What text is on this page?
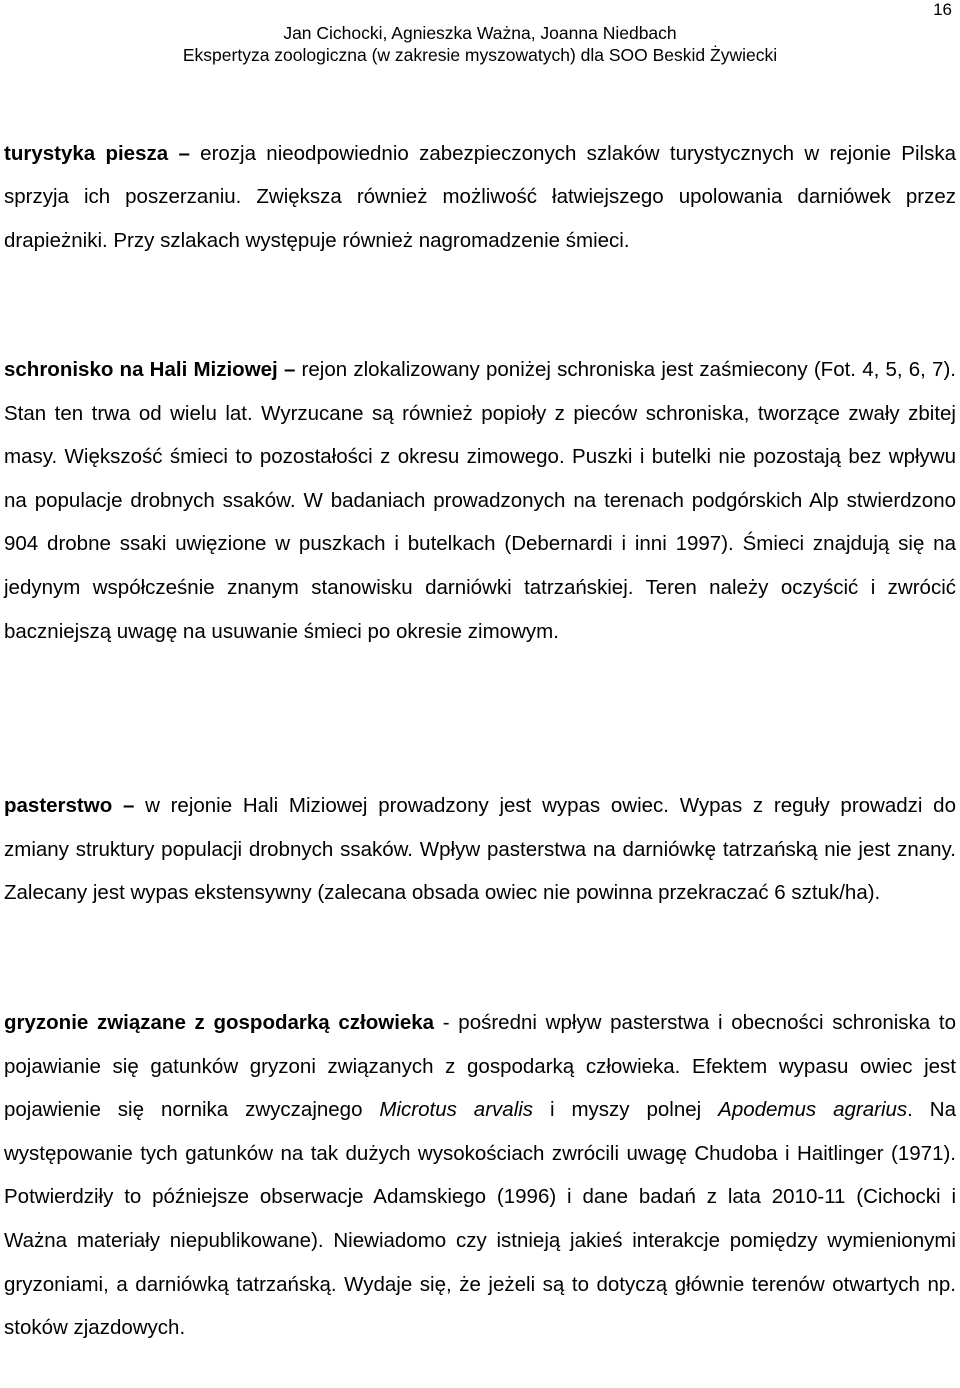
16
Jan Cichocki, Agnieszka Ważna, Joanna Niedbach
Ekspertyza zoologiczna (w zakresie myszowatych) dla SOO Beskid Żywiecki

turystyka piesza – erozja nieodpowiednio zabezpieczonych szlaków turystycznych w rejonie Pilska sprzyja ich poszerzaniu. Zwiększa również możliwość łatwiejszego upolowania darniówek przez drapieżniki. Przy szlakach występuje również nagromadzenie śmieci.

schronisko na Hali Miziowej – rejon zlokalizowany poniżej schroniska jest zaśmiecony (Fot. 4, 5, 6, 7). Stan ten trwa od wielu lat. Wyrzucane są również popioły z pieców schroniska, tworzące zwały zbitej masy. Większość śmieci to pozostałości z okresu zimowego. Puszki i butelki nie pozostają bez wpływu na populacje drobnych ssaków. W badaniach prowadzonych na terenach podgórskich Alp stwierdzono 904 drobne ssaki uwięzione w puszkach i butelkach (Debernardi i inni 1997). Śmieci znajdują się na jedynym współcześnie znanym stanowisku darniówki tatrzańskiej. Teren należy oczyścić i zwrócić baczniejszą uwagę na usuwanie śmieci po okresie zimowym.

pasterstwo – w rejonie Hali Miziowej prowadzony jest wypas owiec. Wypas z reguły prowadzi do zmiany struktury populacji drobnych ssaków. Wpływ pasterstwa na darniówkę tatrzańską nie jest znany. Zalecany jest wypas ekstensywny (zalecana obsada owiec nie powinna przekraczać 6 sztuk/ha).

gryzonie związane z gospodarką człowieka - pośredni wpływ pasterstwa i obecności schroniska to pojawianie się gatunków gryzoni związanych z gospodarką człowieka. Efektem wypasu owiec jest pojawienie się nornika zwyczajnego Microtus arvalis i myszy polnej Apodemus agrarius. Na występowanie tych gatunków na tak dużych wysokościach zwrócili uwagę Chudoba i Haitlinger (1971). Potwierdziły to późniejsze obserwacje Adamskiego (1996) i dane badań z lata 2010-11 (Cichocki i Ważna materiały niepublikowane). Niewiadomo czy istnieją jakieś interakcje pomiędzy wymienionymi gryzoniami, a darniówką tatrzańską. Wydaje się, że jeżeli są to dotyczą głównie terenów otwartych np. stoków zjazdowych.
